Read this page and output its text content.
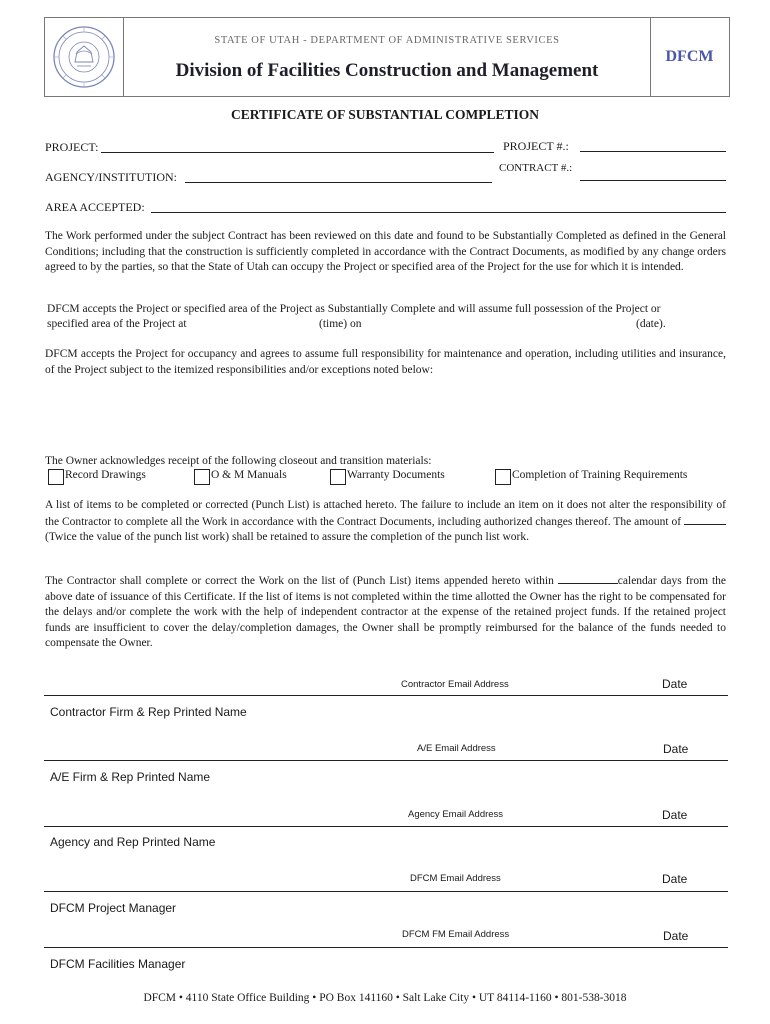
STATE OF UTAH - DEPARTMENT OF ADMINISTRATIVE SERVICES
Division of Facilities Construction and Management
DFCM
CERTIFICATE OF SUBSTANTIAL COMPLETION
PROJECT:	PROJECT #.:
AGENCY/INSTITUTION:
CONTRACT #.:
AREA ACCEPTED:
The Work performed under the subject Contract has been reviewed on this date and found to be Substantially Completed as defined in the General Conditions; including that the construction is sufficiently completed in accordance with the Contract Documents, as modified by any change orders agreed to by the parties, so that the State of Utah can occupy the Project or specified area of the Project for the use for which it is intended.
DFCM accepts the Project or specified area of the Project as Substantially Complete and will assume full possession of the Project or
specified area of the Project at	(time) on	(date).
DFCM accepts the Project for occupancy and agrees to assume full responsibility for maintenance and operation, including utilities and insurance, of the Project subject to the itemized responsibilities and/or exceptions noted below:
The Owner acknowledges receipt of the following closeout and transition materials:
Record Drawings	O & M Manuals	Warranty Documents	Completion of Training Requirements
A list of items to be completed or corrected (Punch List) is attached hereto. The failure to include an item on it does not alter the responsibility of the Contractor to complete all the Work in accordance with the Contract Documents, including authorized changes thereof. The amount of  (Twice the value of the punch list work) shall be retained to assure the completion of the punch list work.
The Contractor shall complete or correct the Work on the list of (Punch List) items appended hereto within	calendar days from the above date of issuance of this Certificate. If the list of items is not completed within the time allotted the Owner has the right to be compensated for the delays and/or complete the work with the help of independent contractor at the expense of the retained project funds. If the retained project funds are insufficient to cover the delay/completion damages, the Owner shall be promptly reimbursed for the balance of the funds needed to compensate the Owner.
Contractor Email Address	Date
Contractor Firm & Rep Printed Name
A/E Email Address	Date
A/E Firm & Rep Printed Name
Agency Email Address	Date
Agency and Rep Printed Name
DFCM Email Address	Date
DFCM Project Manager
DFCM FM Email Address	Date
DFCM Facilities Manager
DFCM • 4110 State Office Building • PO Box 141160 • Salt Lake City • UT 84114-1160 • 801-538-3018
